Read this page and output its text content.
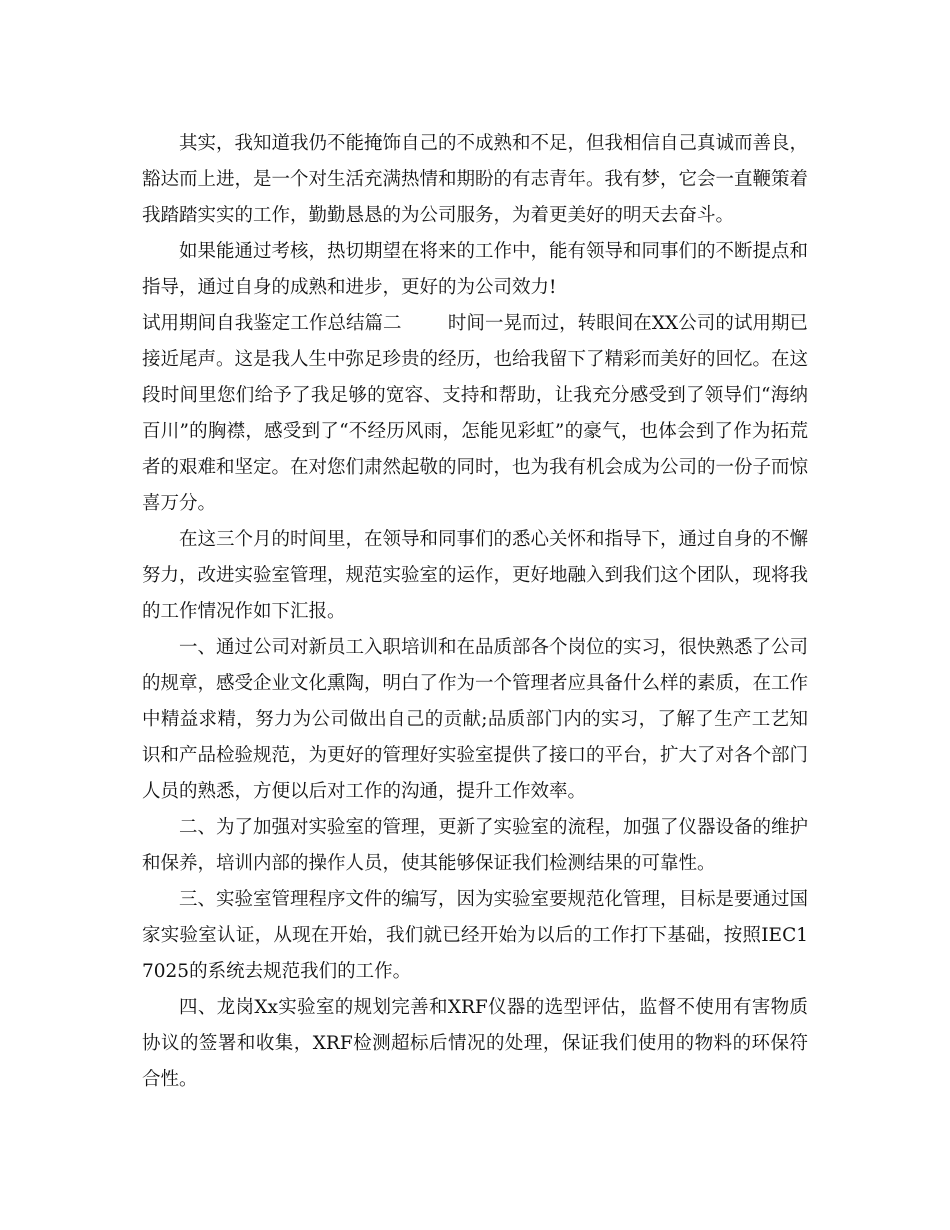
其实，我知道我仍不能掩饰自己的不成熟和不足，但我相信自己真诚而善良，豁达而上进，是一个对生活充满热情和期盼的有志青年。我有梦，它会一直鞭策着我踏踏实实的工作，勤勤恳恳的为公司服务，为着更美好的明天去奋斗。

如果能通过考核，热切期望在将来的工作中，能有领导和同事们的不断提点和指导，通过自身的成熟和进步，更好的为公司效力!

试用期间自我鉴定工作总结篇二	时间一晃而过，转眼间在XX公司的试用期已接近尾声。这是我人生中弥足珍贵的经历，也给我留下了精彩而美好的回忆。在这段时间里您们给予了我足够的宽容、支持和帮助，让我充分感受到了领导们“海纳百川”的胸襟，感受到了“不经历风雨，怎能见彩虹”的豪气，也体会到了作为拓荒者的艰难和坚定。在对您们肃然起敬的同时，也为我有机会成为公司的一份子而惊喜万分。

在这三个月的时间里，在领导和同事们的悉心关怀和指导下，通过自身的不懈努力，改进实验室管理，规范实验室的运作，更好地融入到我们这个团队，现将我的工作情况作如下汇报。

一、通过公司对新员工入职培训和在品质部各个岗位的实习，很快熟悉了公司的规章，感受企业文化熏陶，明白了作为一个管理者应具备什么样的素质，在工作中精益求精，努力为公司做出自己的贡献;品质部门内的实习，了解了生产工艺知识和产品检验规范，为更好的管理好实验室提供了接口的平台，扩大了对各个部门人员的熟悉，方便以后对工作的沟通，提升工作效率。

二、为了加强对实验室的管理，更新了实验室的流程，加强了仪器设备的维护和保养，培训内部的操作人员，使其能够保证我们检测结果的可靠性。

三、实验室管理程序文件的编写，因为实验室要规范化管理，目标是要通过国家实验室认证，从现在开始，我们就已经开始为以后的工作打下基础，按照IEC17025的系统去规范我们的工作。

四、龙岗Xx实验室的规划完善和XRF仪器的选型评估，监督不使用有害物质协议的签署和收集，XRF检测超标后情况的处理，保证我们使用的物料的环保符合性。
